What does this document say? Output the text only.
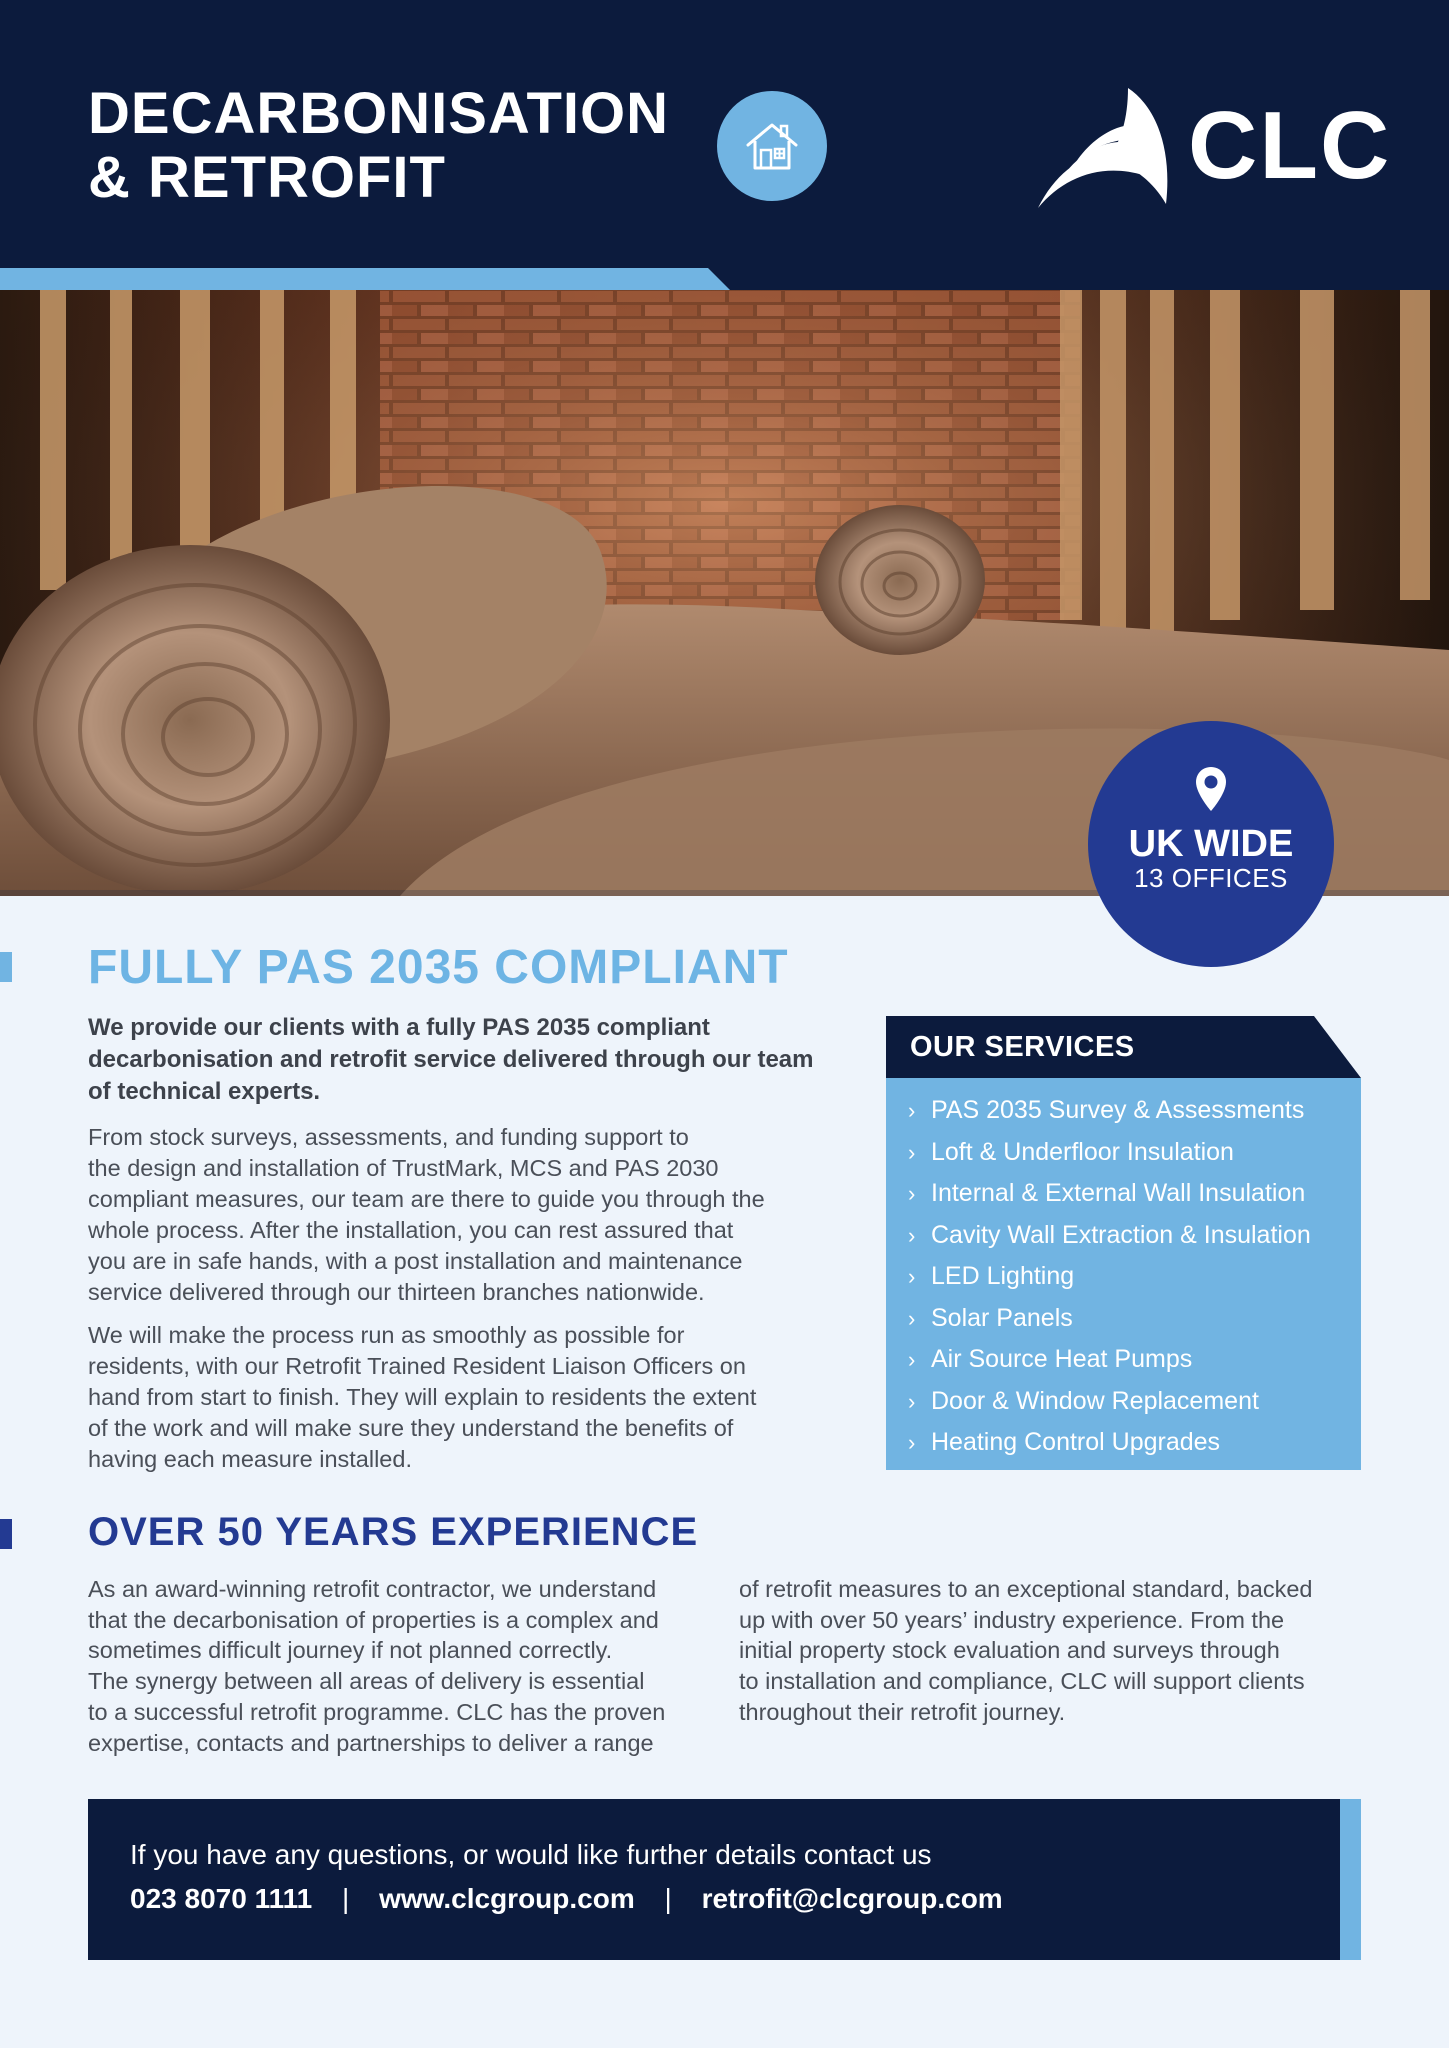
DECARBONISATION
& RETROFIT	CLC
UK WIDE
13 OFFICES
FULLY PAS 2035 COMPLIANT
We provide our clients with a fully PAS 2035 compliant decarbonisation and retrofit service delivered through our team of technical experts.
From stock surveys, assessments, and funding support to
the design and installation of TrustMark, MCS and PAS 2030
compliant measures, our team are there to guide you through the
whole process. After the installation, you can rest assured that
you are in safe hands, with a post installation and maintenance
service delivered through our thirteen branches nationwide.
We will make the process run as smoothly as possible for
residents, with our Retrofit Trained Resident Liaison Officers on
hand from start to finish. They will explain to residents the extent
of the work and will make sure they understand the benefits of
having each measure installed.
OUR SERVICES
› PAS 2035 Survey & Assessments
› Loft & Underfloor Insulation
› Internal & External Wall Insulation
› Cavity Wall Extraction & Insulation
› LED Lighting
› Solar Panels
› Air Source Heat Pumps
› Door & Window Replacement
› Heating Control Upgrades
OVER 50 YEARS EXPERIENCE
As an award-winning retrofit contractor, we understand
that the decarbonisation of properties is a complex and
sometimes difficult journey if not planned correctly.
The synergy between all areas of delivery is essential
to a successful retrofit programme. CLC has the proven
expertise, contacts and partnerships to deliver a range
of retrofit measures to an exceptional standard, backed
up with over 50 years’ industry experience. From the
initial property stock evaluation and surveys through
to installation and compliance, CLC will support clients
throughout their retrofit journey.
If you have any questions, or would like further details contact us
023 8070 1111 | www.clcgroup.com | retrofit@clcgroup.com
